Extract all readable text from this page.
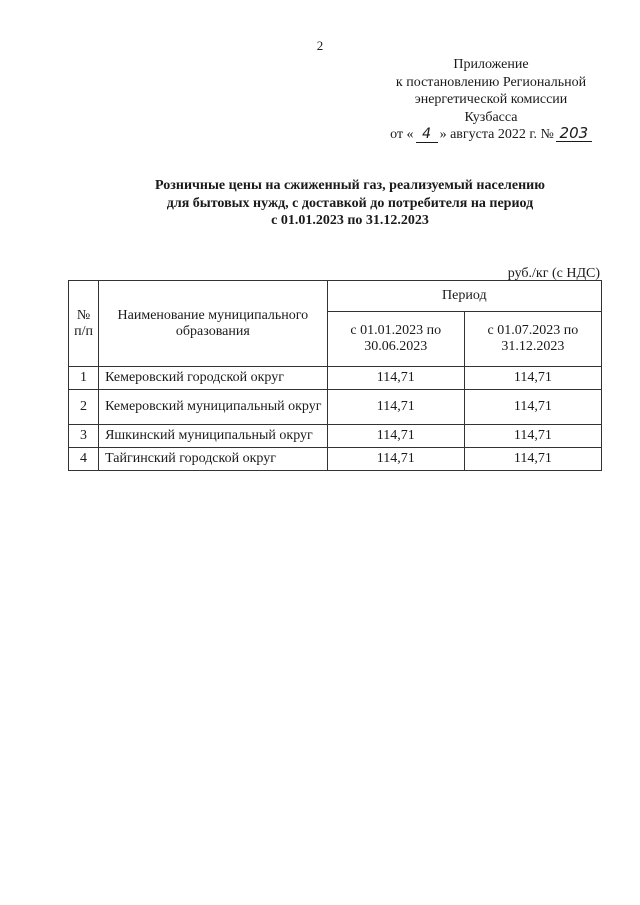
2
Приложение
к постановлению Региональной
энергетической комиссии
Кузбасса
от « 4 » августа 2022 г. № 203
Розничные цены на сжиженный газ, реализуемый населению
для бытовых нужд, с доставкой до потребителя на период
с 01.01.2023 по 31.12.2023
руб./кг (с НДС)
№ п/п	Наименование муниципального образования	Период	
		с 01.01.2023 по 30.06.2023	с 01.07.2023 по 31.12.2023
1	Кемеровский городской округ	114,71	114,71
2	Кемеровский муниципальный округ	114,71	114,71
3	Яшкинский муниципальный округ	114,71	114,71
4	Тайгинский городской округ	114,71	114,71
